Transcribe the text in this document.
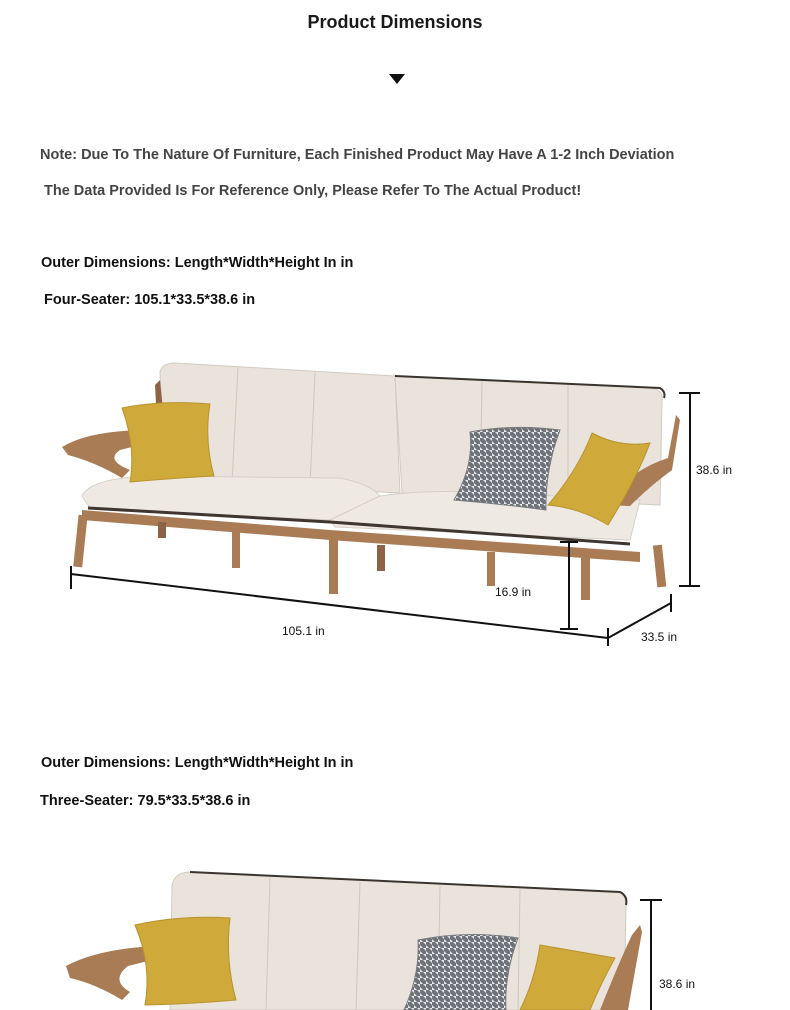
Product Dimensions
Note: Due To The Nature Of Furniture, Each Finished Product May Have A 1-2 Inch Deviation
The Data Provided Is For Reference Only, Please Refer To The Actual Product!
Outer Dimensions: Length*Width*Height In in
Four-Seater: 105.1*33.5*38.6 in
38.6 in
16.9 in
105.1 in	33.5 in
Outer Dimensions: Length*Width*Height In in
Three-Seater: 79.5*33.5*38.6 in
38.6 in
